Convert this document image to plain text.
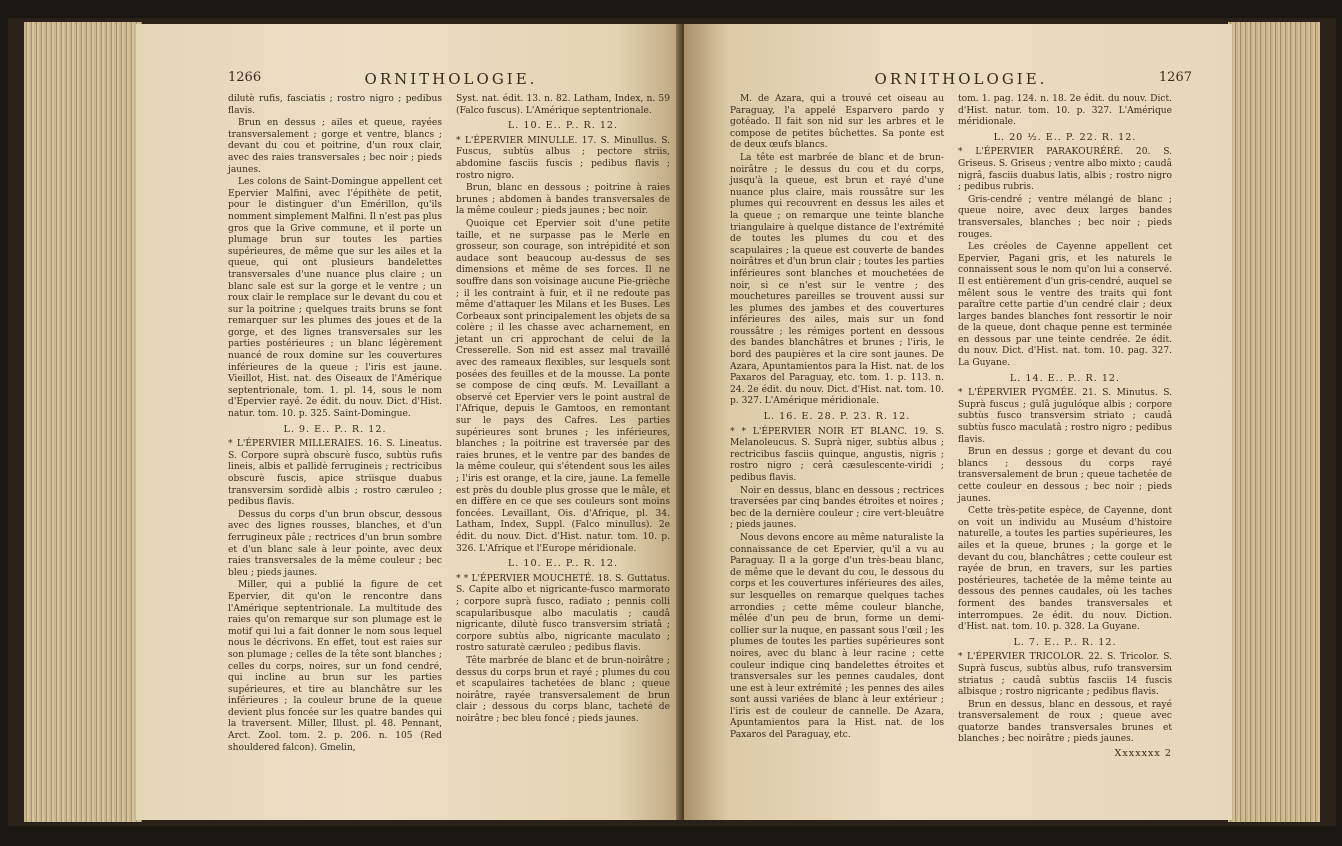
1266	ORNITHOLOGIE.

dilutè rufis, fasciatis ; rostro nigro ; pedibus flavis.

Brun en dessus ; ailes et queue, rayées transversalement ; gorge et ventre, blancs ; devant du cou et poitrine, d'un roux clair, avec des raies transversales ; bec noir ; pieds jaunes.

Les colons de Saint-Domingue appellent cet Epervier Malfini, avec l'épithète de petit, pour le distinguer d'un Emérillon, qu'ils nomment simplement Malfini. Il n'est pas plus gros que la Grive commune, et il porte un plumage brun sur toutes les parties supérieures, de même que sur les ailes et la queue, qui ont plusieurs bandelettes transversales d'une nuance plus claire ; un blanc sale est sur la gorge et le ventre ; un roux clair le remplace sur le devant du cou et sur la poitrine ; quelques traits bruns se font remarquer sur les plumes des joues et de la gorge, et des lignes transversales sur les parties postérieures ; un blanc légèrement nuancé de roux domine sur les couvertures inférieures de la queue ; l'iris est jaune. Vieillot, Hist. nat. des Oiseaux de l'Amérique septentrionale, tom. 1. pl. 14, sous le nom d'Epervier rayé. 2e édit. du nouv. Dict. d'Hist. natur. tom. 10. p. 325. Saint-Domingue.

L. 9. E.. P.. R. 12.

* L'ÉPERVIER MILLERAIES. 16. S. Lineatus. S. Corpore suprà obscurè fusco, subtùs rufis lineis, albis et pallidè ferrugineis ; rectricibus obscurè fuscis, apice striisque duabus transversim sordidè albis ; rostro cæruleo ; pedibus flavis.

Dessus du corps d'un brun obscur, dessous avec des lignes rousses, blanches, et d'un ferrugineux pâle ; rectrices d'un brun sombre et d'un blanc sale à leur pointe, avec deux raies transversales de la même couleur ; bec bleu ; pieds jaunes.

Miller, qui a publié la figure de cet Epervier, dit qu'on le rencontre dans l'Amérique septentrionale. La multitude des raies qu'on remarque sur son plumage est le motif qui lui a fait donner le nom sous lequel nous le décrivons. En effet, tout est raies sur son plumage ; celles de la tête sont blanches ; celles du corps, noires, sur un fond cendré, qui incline au brun sur les parties supérieures, et tire au blanchâtre sur les inférieures ; la couleur brune de la queue devient plus foncée sur les quatre bandes qui la traversent. Miller, Illust. pl. 48. Pennant, Arct. Zool. tom. 2. p. 206. n. 105 (Red shouldered falcon). Gmelin,

Syst. nat. édit. 13. n. 82. Latham, Index, n. 59 (Falco fuscus). L'Amérique septentrionale.

L. 10. E.. P.. R. 12.

* L'ÉPERVIER MINULLE. 17. S. Minullus. S. Fuscus, subtùs albus ; pectore striis, abdomine fasciis fuscis ; pedibus flavis ; rostro nigro.

Brun, blanc en dessous ; poitrine à raies brunes ; abdomen à bandes transversales de la même couleur ; pieds jaunes ; bec noir.

Quoique cet Epervier soit d'une petite taille, et ne surpasse pas le Merle en grosseur, son courage, son intrépidité et son audace sont beaucoup au-dessus de ses dimensions et même de ses forces. Il ne souffre dans son voisinage aucune Pie-grièche ; il les contraint à fuir, et il ne redoute pas même d'attaquer les Milans et les Buses. Les Corbeaux sont principalement les objets de sa colère ; il les chasse avec acharnement, en jetant un cri approchant de celui de la Cresserelle. Son nid est assez mal travaillé avec des rameaux flexibles, sur lesquels sont posées des feuilles et de la mousse. La ponte se compose de cinq œufs. M. Levaillant a observé cet Epervier vers le point austral de l'Afrique, depuis le Gamtoos, en remontant sur le pays des Cafres. Les parties supérieures sont brunes ; les inférieures, blanches ; la poitrine est traversée par des raies brunes, et le ventre par des bandes de la même couleur, qui s'étendent sous les ailes ; l'iris est orange, et la cire, jaune. La femelle est près du double plus grosse que le mâle, et en diffère en ce que ses couleurs sont moins foncées. Levaillant, Ois. d'Afrique, pl. 34. Latham, Index, Suppl. (Falco minullus). 2e édit. du nouv. Dict. d'Hist. natur. tom. 10. p. 326. L'Afrique et l'Europe méridionale.

L. 10. E.. P.. R. 12.

* * L'ÉPERVIER MOUCHETÉ. 18. S. Guttatus. S. Capite albo et nigricante-fusco marmorato ; corpore suprà fusco, radiato ; pennis colli scapularibusque albo maculatis ; caudâ nigricante, dilutè fusco transversim striatâ ; corpore subtùs albo, nigricante maculato ; rostro saturatè cæruleo ; pedibus flavis.

Tête marbrée de blanc et de brun-noirâtre ; dessus du corps brun et rayé ; plumes du cou et scapulaires tachetées de blanc ; queue noirâtre, rayée transversalement de brun clair ; dessous du corps blanc, tacheté de noirâtre ; bec bleu foncé ; pieds jaunes.

ORNITHOLOGIE.	1267

M. de Azara, qui a trouvé cet oiseau au Paraguay, l'a appelé Esparvero pardo y gotéado. Il fait son nid sur les arbres et le compose de petites bûchettes. Sa ponte est de deux œufs blancs.

La tête est marbrée de blanc et de brun-noirâtre ; le dessus du cou et du corps, jusqu'à la queue, est brun et rayé d'une nuance plus claire, mais roussâtre sur les plumes qui recouvrent en dessus les ailes et la queue ; on remarque une teinte blanche triangulaire à quelque distance de l'extrémité de toutes les plumes du cou et des scapulaires ; la queue est couverte de bandes noirâtres et d'un brun clair ; toutes les parties inférieures sont blanches et mouchetées de noir, si ce n'est sur le ventre ; des mouchetures pareilles se trouvent aussi sur les plumes des jambes et des couvertures inférieures des ailes, mais sur un fond roussâtre ; les rémiges portent en dessous des bandes blanchâtres et brunes ; l'iris, le bord des paupières et la cire sont jaunes. De Azara, Apuntamientos para la Hist. nat. de los Paxaros del Paraguay, etc. tom. 1. p. 113. n. 24. 2e édit. du nouv. Dict. d'Hist. nat. tom. 10. p. 327. L'Amérique méridionale.

L. 16. E. 28. P. 23. R. 12.

* * L'ÉPERVIER NOIR ET BLANC. 19. S. Melanoleucus. S. Suprà niger, subtùs albus ; rectricibus fasciis quinque, angustis, nigris ; rostro nigro ; cerâ cæsulescente-viridi ; pedibus flavis.

Noir en dessus, blanc en dessous ; rectrices traversées par cinq bandes étroites et noires ; bec de la dernière couleur ; cire vert-bleuâtre ; pieds jaunes.

Nous devons encore au même naturaliste la connaissance de cet Epervier, qu'il a vu au Paraguay. Il a la gorge d'un très-beau blanc, de même que le devant du cou, le dessous du corps et les couvertures inférieures des ailes, sur lesquelles on remarque quelques taches arrondies ; cette même couleur blanche, mêlée d'un peu de brun, forme un demi-collier sur la nuque, en passant sous l'œil ; les plumes de toutes les parties supérieures sont noires, avec du blanc à leur racine ; cette couleur indique cinq bandelettes étroites et transversales sur les pennes caudales, dont une est à leur extrémité ; les pennes des ailes sont aussi variées de blanc à leur extérieur ; l'iris est de couleur de cannelle. De Azara, Apuntamientos para la Hist. nat. de los Paxaros del Paraguay, etc.

tom. 1. pag. 124. n. 18. 2e édit. du nouv. Dict. d'Hist. natur. tom. 10. p. 327. L'Amérique méridionale.

L. 20 ½. E.. P. 22. R. 12.

* L'ÉPERVIER PARAKOURÉRÉ. 20. S. Griseus. S. Griseus ; ventre albo mixto ; caudâ nigrâ, fasciis duabus latis, albis ; rostro nigro ; pedibus rubris.

Gris-cendré ; ventre mélangé de blanc ; queue noire, avec deux larges bandes transversales, blanches ; bec noir ; pieds rouges.

Les créoles de Cayenne appellent cet Epervier, Pagani gris, et les naturels le connaissent sous le nom qu'on lui a conservé. Il est entièrement d'un gris-cendré, auquel se mêlent sous le ventre des traits qui font paraître cette partie d'un cendré clair ; deux larges bandes blanches font ressortir le noir de la queue, dont chaque penne est terminée en dessous par une teinte cendrée. 2e édit. du nouv. Dict. d'Hist. nat. tom. 10. pag. 327. La Guyane.

L. 14. E.. P.. R. 12.

* L'ÉPERVIER PYGMÉE. 21. S. Minutus. S. Suprà fuscus ; gulâ jugulóque albis ; corpore subtùs fusco transversim striato ; caudâ subtùs fusco maculatâ ; rostro nigro ; pedibus flavis.

Brun en dessus ; gorge et devant du cou blancs ; dessous du corps rayé transversalement de brun ; queue tachetée de cette couleur en dessous ; bec noir ; pieds jaunes.

Cette très-petite espèce, de Cayenne, dont on voit un individu au Muséum d'histoire naturelle, a toutes les parties supérieures, les ailes et la queue, brunes ; la gorge et le devant du cou, blanchâtres ; cette couleur est rayée de brun, en travers, sur les parties postérieures, tachetée de la même teinte au dessous des pennes caudales, où les taches forment des bandes transversales et interrompues. 2e édit. du nouv. Diction. d'Hist. nat. tom. 10. p. 328. La Guyane.

L. 7. E.. P.. R. 12.

* L'ÉPERVIER TRICOLOR. 22. S. Tricolor. S. Suprà fuscus, subtùs albus, rufo transversim striatus ; caudâ subtùs fasciis 14 fuscis albisque ; rostro nigricante ; pedibus flavis.

Brun en dessus, blanc en dessous, et rayé transversalement de roux ; queue avec quatorze bandes transversales brunes et blanches ; bec noirâtre ; pieds jaunes.

Xxxxxxx 2
